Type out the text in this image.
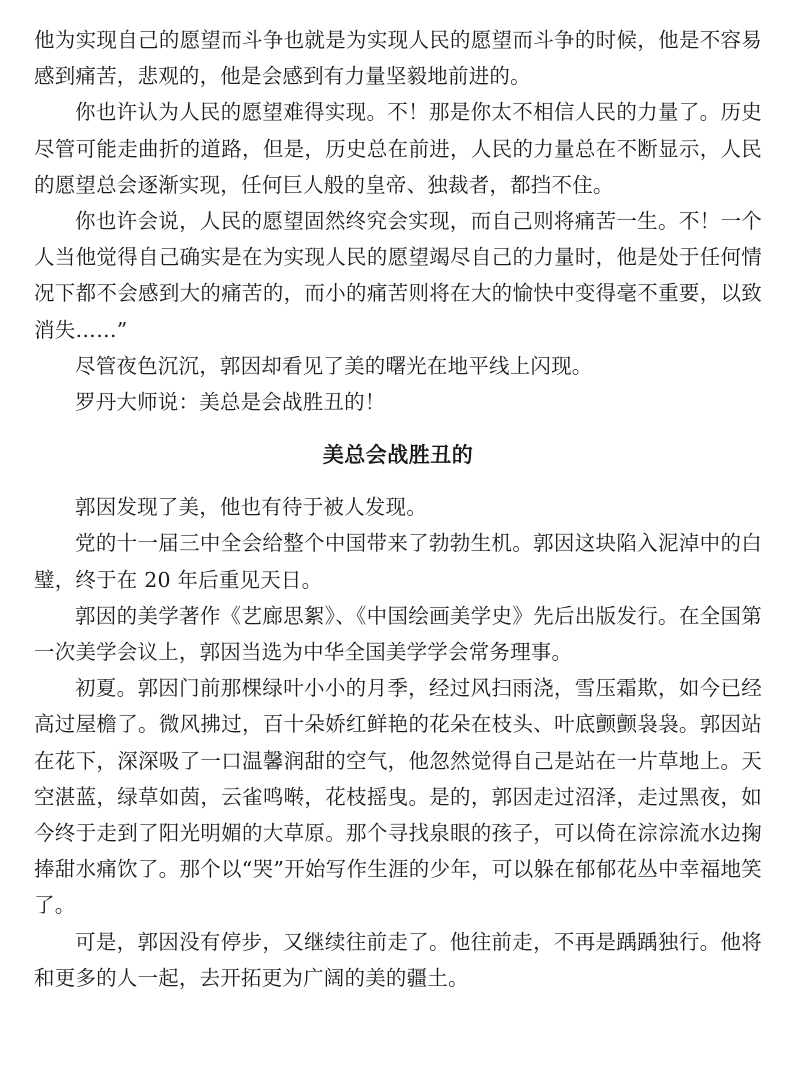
他为实现自己的愿望而斗争也就是为实现人民的愿望而斗争的时候，他是不容易感到痛苦，悲观的，他是会感到有力量坚毅地前进的。

你也许认为人民的愿望难得实现。不！那是你太不相信人民的力量了。历史尽管可能走曲折的道路，但是，历史总在前进，人民的力量总在不断显示，人民的愿望总会逐渐实现，任何巨人般的皇帝、独裁者，都挡不住。

你也许会说，人民的愿望固然终究会实现，而自己则将痛苦一生。不！一个人当他觉得自己确实是在为实现人民的愿望竭尽自己的力量时，他是处于任何情况下都不会感到大的痛苦的，而小的痛苦则将在大的愉快中变得毫不重要，以致消失……”

尽管夜色沉沉，郭因却看见了美的曙光在地平线上闪现。

罗丹大师说：美总是会战胜丑的！

美总会战胜丑的

郭因发现了美，他也有待于被人发现。

党的十一届三中全会给整个中国带来了勃勃生机。郭因这块陷入泥淖中的白璧，终于在 20 年后重见天日。

郭因的美学著作《艺廊思絮》、《中国绘画美学史》先后出版发行。在全国第一次美学会议上，郭因当选为中华全国美学学会常务理事。

初夏。郭因门前那棵绿叶小小的月季，经过风扫雨浇，雪压霜欺，如今已经高过屋檐了。微风拂过，百十朵娇红鲜艳的花朵在枝头、叶底颤颤袅袅。郭因站在花下，深深吸了一口温馨润甜的空气，他忽然觉得自己是站在一片草地上。天空湛蓝，绿草如茵，云雀鸣啭，花枝摇曳。是的，郭因走过沼泽，走过黑夜，如今终于走到了阳光明媚的大草原。那个寻找泉眼的孩子，可以倚在淙淙流水边掬捧甜水痛饮了。那个以“哭”开始写作生涯的少年，可以躲在郁郁花丛中幸福地笑了。

可是，郭因没有停步，又继续往前走了。他往前走，不再是踽踽独行。他将和更多的人一起，去开拓更为广阔的美的疆土。
